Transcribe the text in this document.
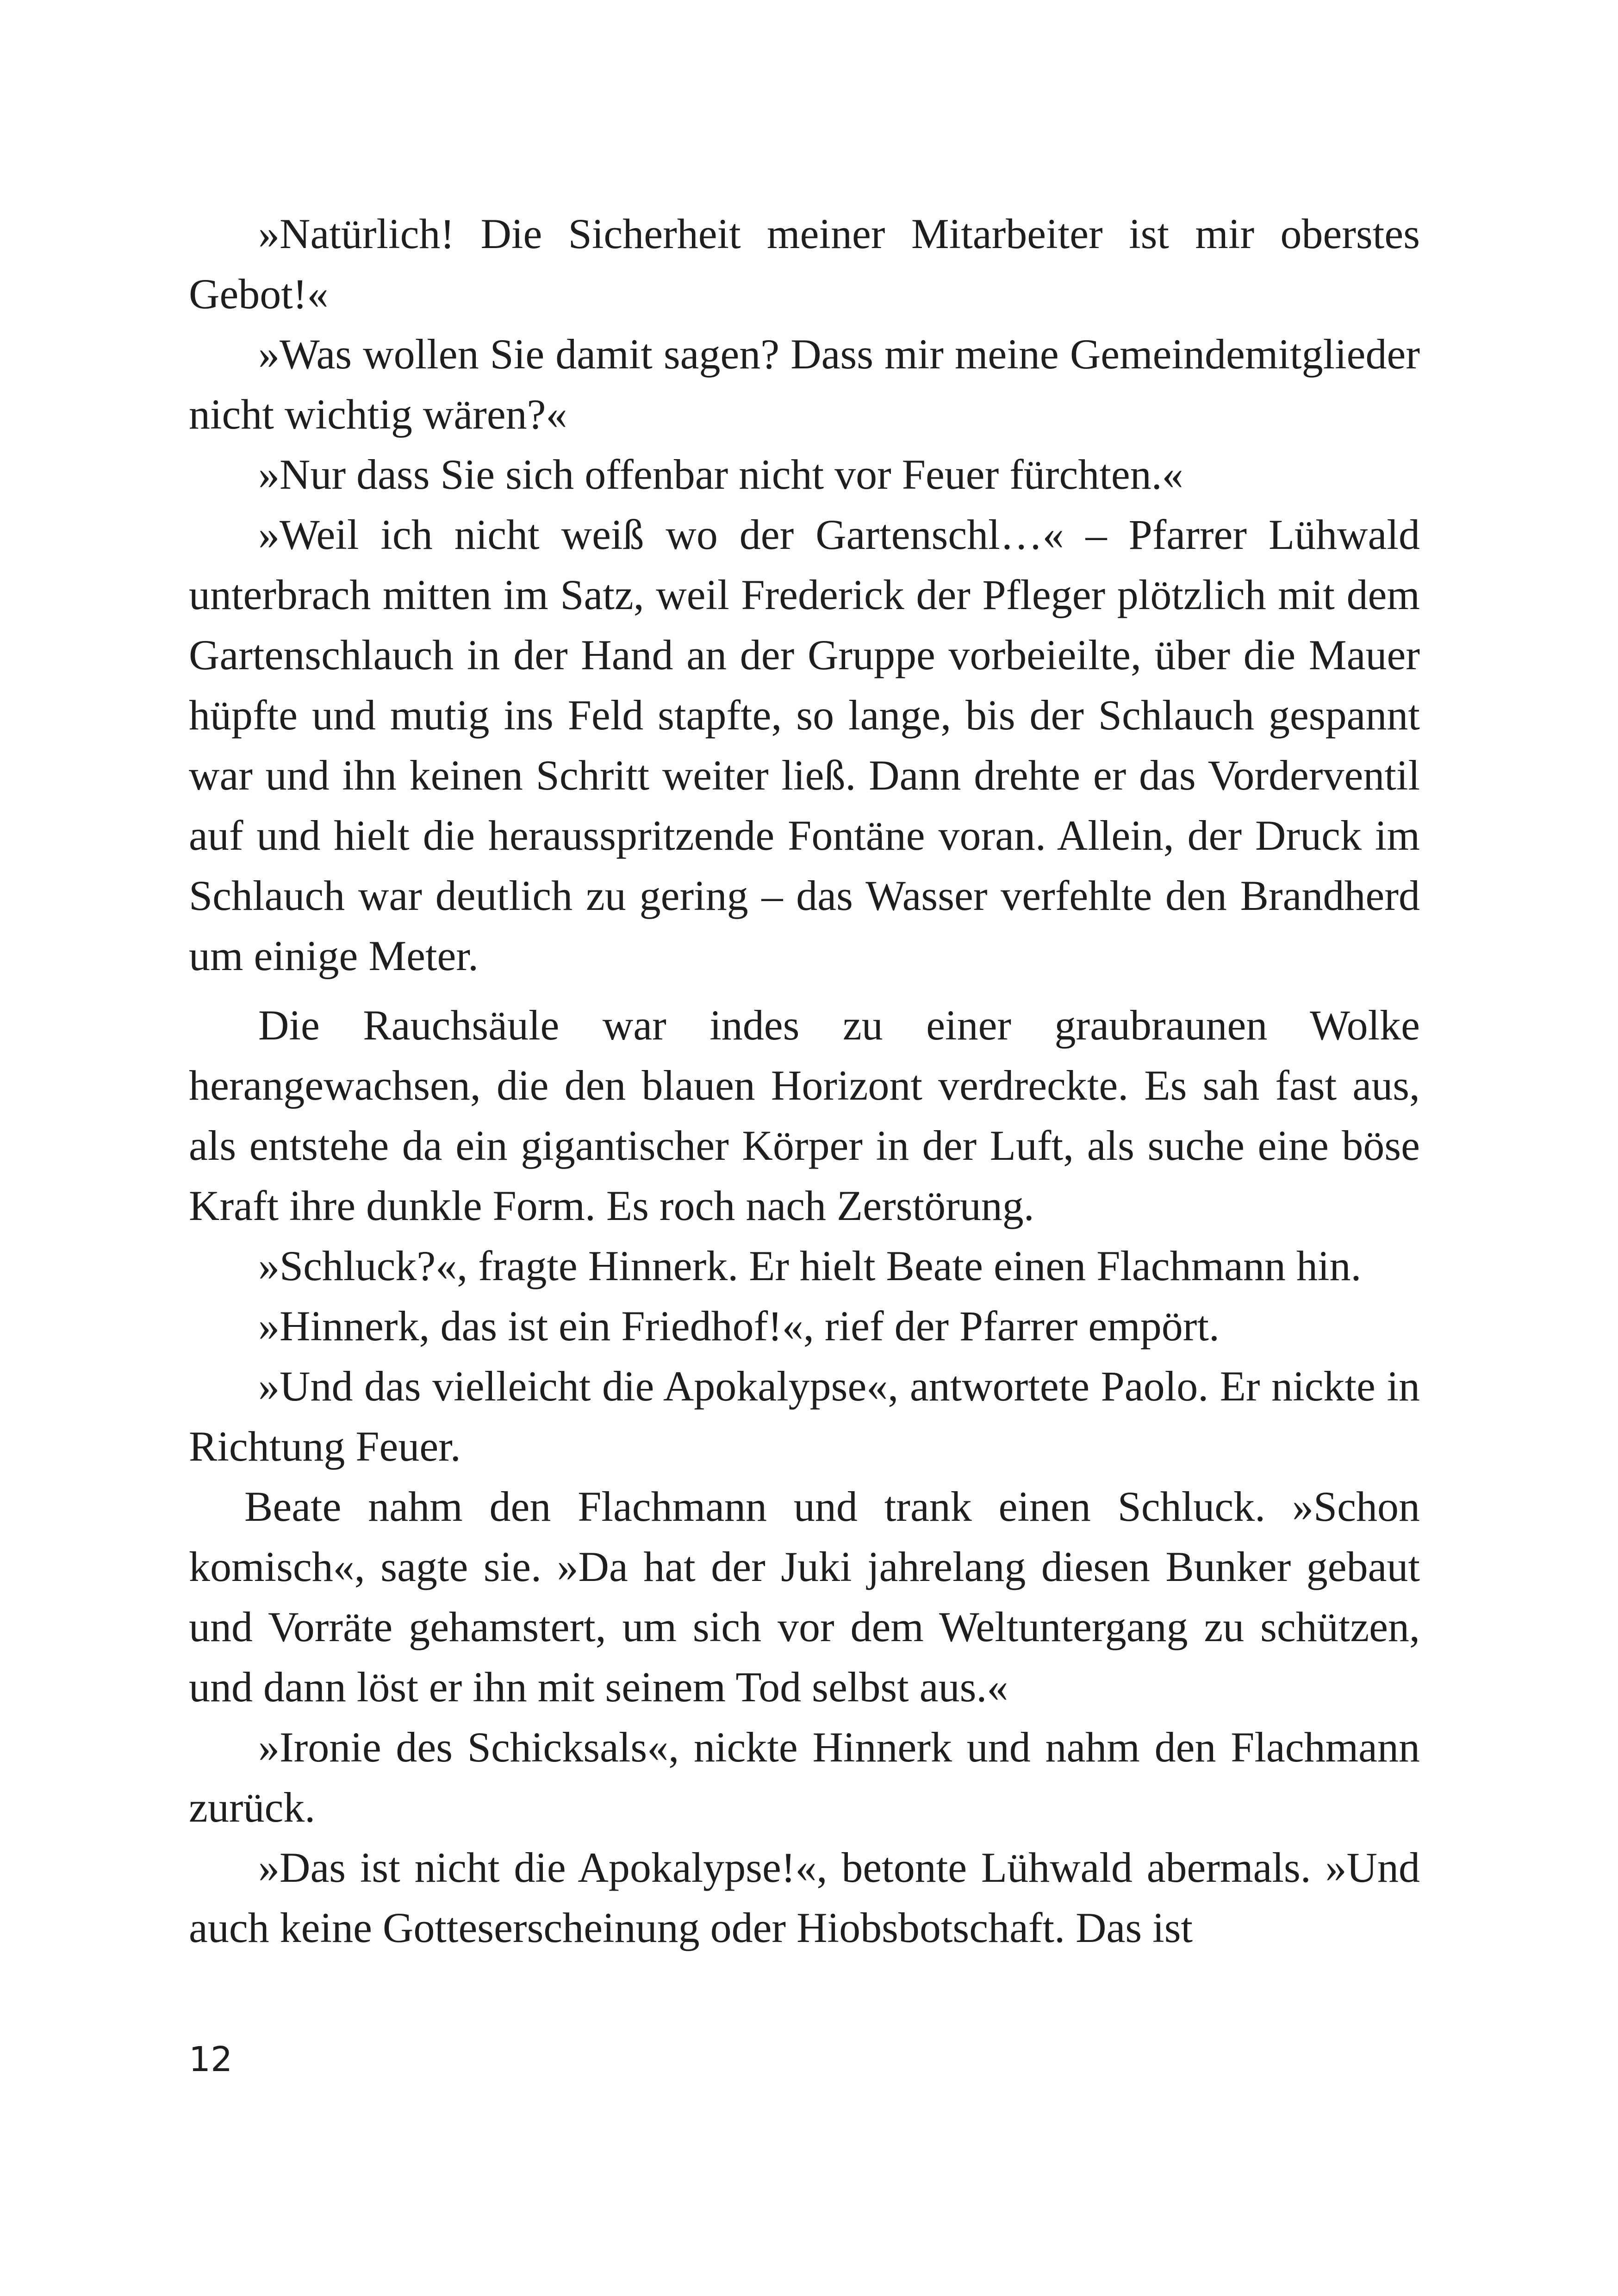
»Natürlich! Die Sicherheit meiner Mitarbeiter ist mir oberstes Gebot!«

»Was wollen Sie damit sagen? Dass mir meine Gemeindemitglieder nicht wichtig wären?«

»Nur dass Sie sich offenbar nicht vor Feuer fürchten.«

»Weil ich nicht weiß wo der Gartenschl…« – Pfarrer Lühwald unterbrach mitten im Satz, weil Frederick der Pfleger plötzlich mit dem Gartenschlauch in der Hand an der Gruppe vorbeieilte, über die Mauer hüpfte und mutig ins Feld stapfte, so lange, bis der Schlauch gespannt war und ihn keinen Schritt weiter ließ. Dann drehte er das Vorderventil auf und hielt die herausspritzende Fontäne voran. Allein, der Druck im Schlauch war deutlich zu gering – das Wasser verfehlte den Brandherd um einige Meter.

Die Rauchsäule war indes zu einer graubraunen Wolke herangewachsen, die den blauen Horizont verdreckte. Es sah fast aus, als entstehe da ein gigantischer Körper in der Luft, als suche eine böse Kraft ihre dunkle Form. Es roch nach Zerstörung.

»Schluck?«, fragte Hinnerk. Er hielt Beate einen Flachmann hin.

»Hinnerk, das ist ein Friedhof!«, rief der Pfarrer empört.

»Und das vielleicht die Apokalypse«, antwortete Paolo. Er nickte in Richtung Feuer.

Beate nahm den Flachmann und trank einen Schluck. »Schon komisch«, sagte sie. »Da hat der Juki jahrelang diesen Bunker gebaut und Vorräte gehamstert, um sich vor dem Weltuntergang zu schützen, und dann löst er ihn mit seinem Tod selbst aus.«

»Ironie des Schicksals«, nickte Hinnerk und nahm den Flachmann zurück.

»Das ist nicht die Apokalypse!«, betonte Lühwald abermals. »Und auch keine Gotteserscheinung oder Hiobsbotschaft. Das ist

12
